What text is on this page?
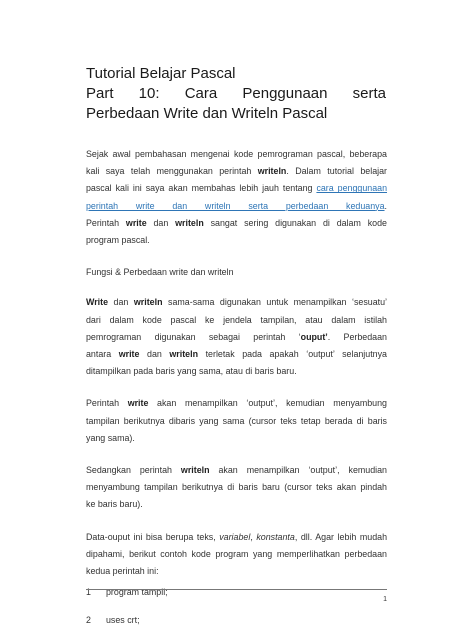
Tutorial Belajar Pascal

Part 10: Cara Penggunaan serta

Perbedaan Write dan Writeln Pascal

Sejak awal pembahasan mengenai kode pemrograman pascal, beberapa
kali saya telah menggunakan perintah writeln. Dalam tutorial belajar
pascal kali ini saya akan membahas lebih jauh tentang cara penggunaan
perintah write dan writeln serta perbedaan keduanya.
Perintah write dan writeln sangat sering digunakan di dalam kode
program pascal.

Fungsi & Perbedaan write dan writeln

Write dan writeln sama-sama digunakan untuk menampilkan ‘sesuatu’
dari dalam kode pascal ke jendela tampilan, atau dalam istilah
pemrograman digunakan sebagai perintah ‘ouput’. Perbedaan
antara write dan writeln terletak pada apakah ‘output’ selanjutnya
ditampilkan pada baris yang sama, atau di baris baru.
Perintah write akan menampilkan ‘output’, kemudian menyambung
tampilan berikutnya dibaris yang sama (cursor teks tetap berada di baris
yang sama).
Sedangkan perintah writeln akan menampilkan ‘output’, kemudian
menyambung tampilan berikutnya di baris baru (cursor teks akan pindah
ke baris baru).
Data-ouput ini bisa berupa teks, variabel, konstanta, dll. Agar lebih mudah
dipahami, berikut contoh kode program yang memperlihatkan perbedaan
kedua perintah ini:
1	program tampil;
2	uses crt;
1
